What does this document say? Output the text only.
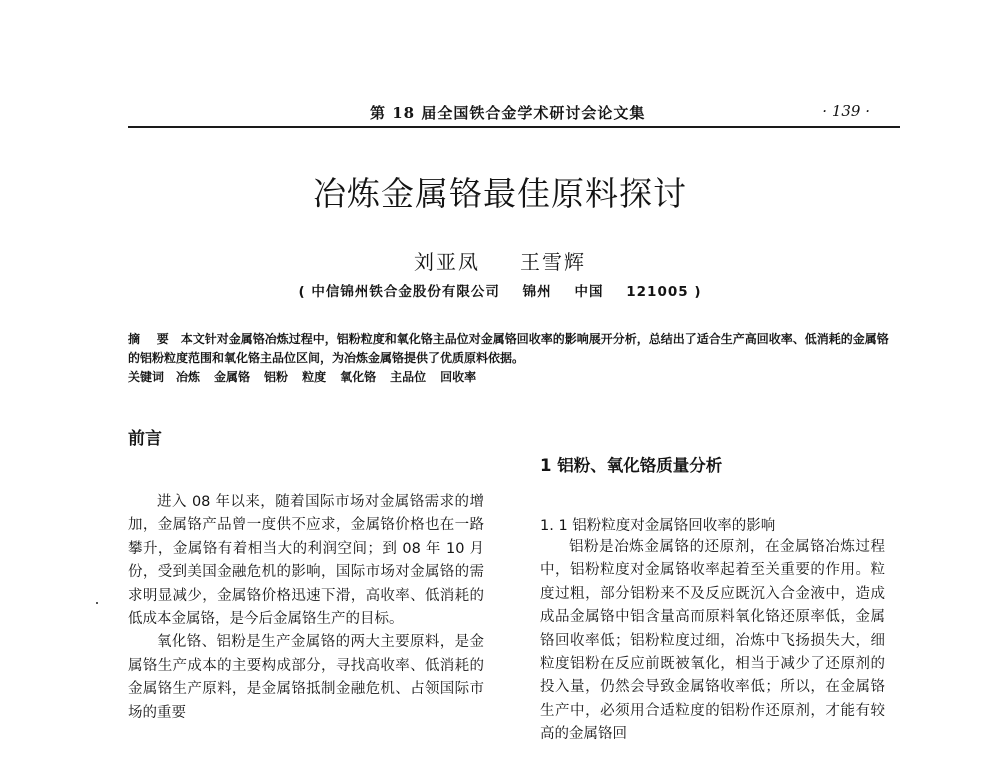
第 18 届全国铁合金学术研讨会论文集	· 139 ·
冶炼金属铬最佳原料探讨
刘亚凤 王雪辉
( 中信锦州铁合金股份有限公司    锦州    中国    121005 )
摘    要 本文针对金属铬冶炼过程中，铝粉粒度和氧化铬主品位对金属铬回收率的影响展开分析，总结出了适合生产高回收率、低消耗的金属铬的铝粉粒度范围和氧化铬主品位区间，为冶炼金属铬提供了优质原料依据。
关键词 冶炼 金属铬 铝粉 粒度 氧化铬 主品位 回收率
前言

进入 08 年以来，随着国际市场对金属铬需求的增加，金属铬产品曾一度供不应求，金属铬价格也在一路攀升，金属铬有着相当大的利润空间；到 08 年 10 月份，受到美国金融危机的影响，国际市场对金属铬的需求明显减少，金属铬价格迅速下滑，高收率、低消耗的低成本金属铬，是今后金属铬生产的目标。

氧化铬、铝粉是生产金属铬的两大主要原料，是金属铬生产成本的主要构成部分，寻找高收率、低消耗的金属铬生产原料，是金属铬抵制金融危机、占领国际市场的重要

1 铝粉、氧化铬质量分析
1. 1 铝粉粒度对金属铬回收率的影响

铝粉是冶炼金属铬的还原剂，在金属铬冶炼过程中，铝粉粒度对金属铬收率起着至关重要的作用。粒度过粗，部分铝粉来不及反应既沉入合金液中，造成成品金属铬中铝含量高而原料氧化铬还原率低，金属铬回收率低；铝粉粒度过细，冶炼中飞扬损失大，细粒度铝粉在反应前既被氧化，相当于减少了还原剂的投入量，仍然会导致金属铬收率低；所以，在金属铬生产中，必须用合适粒度的铝粉作还原剂，才能有较高的金属铬回
